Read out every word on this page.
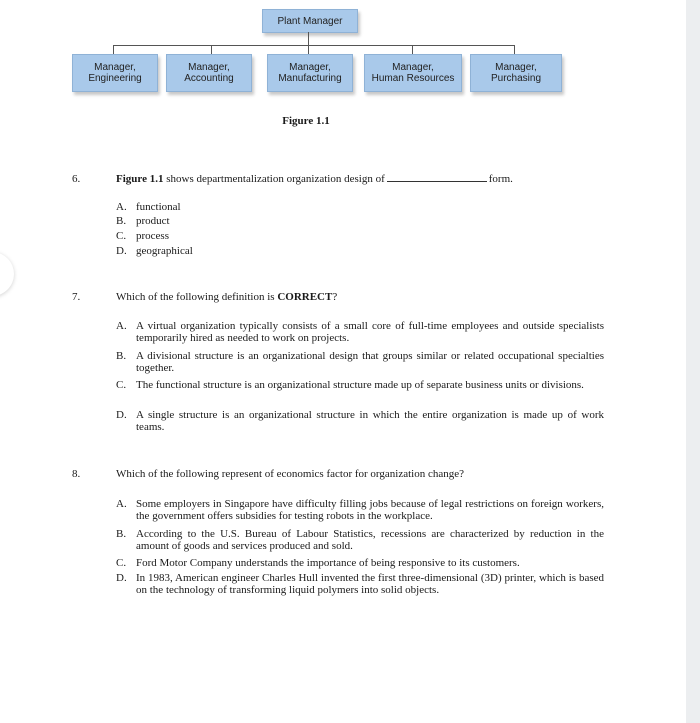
Plant Manager
Manager,
Engineering
Manager,
Accounting
Manager,
Manufacturing
Manager,
Human Resources
Manager,
Purchasing
Figure 1.1
6.	Figure 1.1 shows departmentalization organization design of	form.
A. functional
B. product
C. process
D. geographical
7.	Which of the following definition is CORRECT?
A. A virtual organization typically consists of a small core of full-time employees and outside specialists temporarily hired as needed to work on projects.
B. A divisional structure is an organizational design that groups similar or related occupational specialties together.
C. The functional structure is an organizational structure made up of separate business units or divisions.
D. A single structure is an organizational structure in which the entire organization is made up of work teams.
8.	Which of the following represent of economics factor for organization change?
A. Some employers in Singapore have difficulty filling jobs because of legal restrictions on foreign workers, the government offers subsidies for testing robots in the workplace.
B. According to the U.S. Bureau of Labour Statistics, recessions are characterized by reduction in the amount of goods and services produced and sold.
C. Ford Motor Company understands the importance of being responsive to its customers.
D. In 1983, American engineer Charles Hull invented the first three-dimensional (3D) printer, which is based on the technology of transforming liquid polymers into solid objects.
